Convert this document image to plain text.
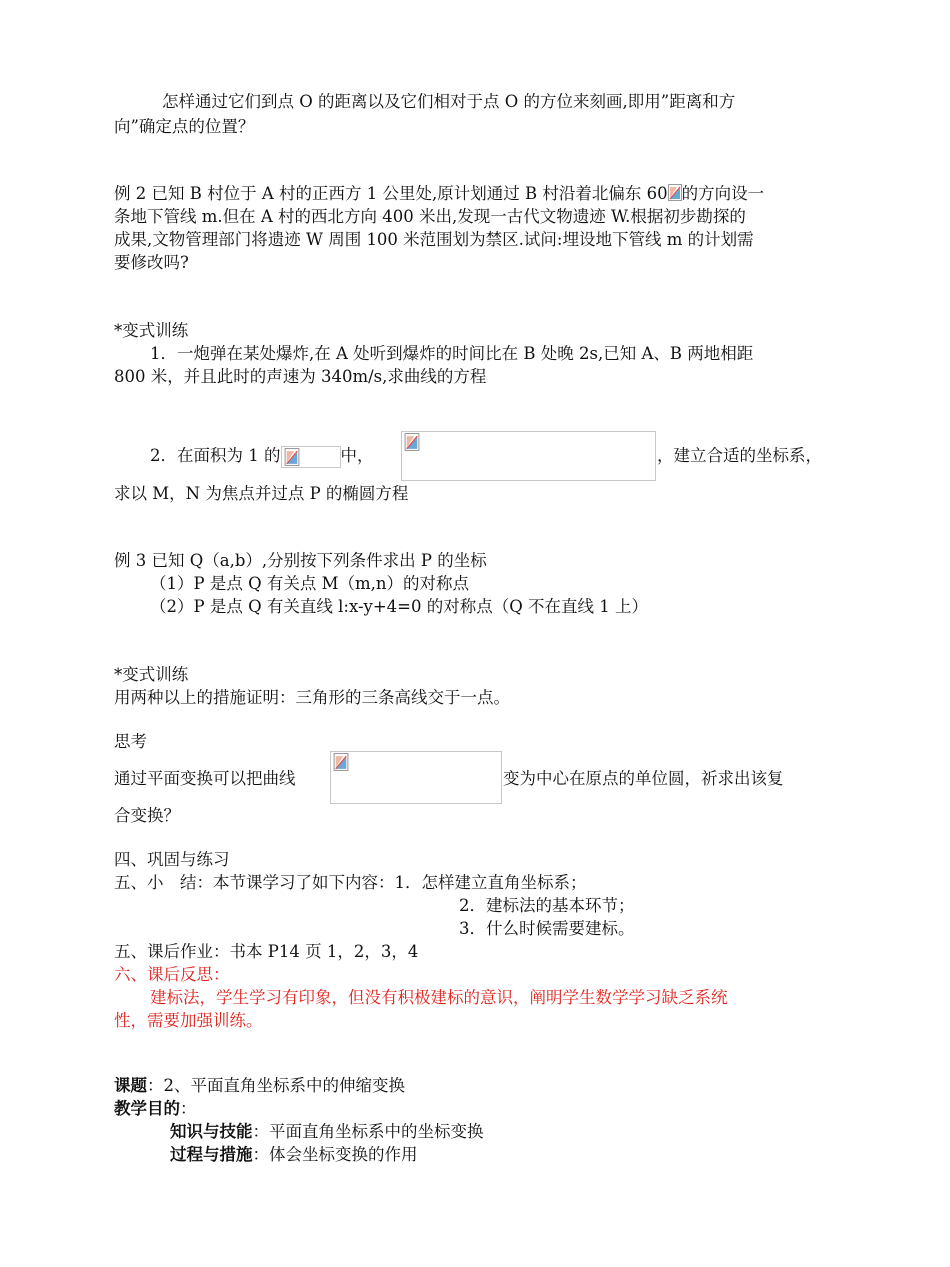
怎样通过它们到点 O 的距离以及它们相对于点 O 的方位来刻画,即用”距离和方
向”确定点的位置？
例 2 已知 B 村位于 A 村的正西方 1 公里处,原计划通过 B 村沿着北偏东 60 的方向设一
条地下管线 m.但在 A 村的西北方向 400 米出,发现一古代文物遗迹 W.根据初步勘探的
成果,文物管理部门将遗迹 W 周围 100 米范围划为禁区.试问:埋设地下管线 m 的计划需
要修改吗?
*变式训练
1．一炮弹在某处爆炸,在 A 处听到爆炸的时间比在 B 处晚 2s,已知 A、B 两地相距
800 米，并且此时的声速为 340m/s,求曲线的方程
2．在面积为 1 的	中，	，建立合适的坐标系，
求以 M，N 为焦点并过点 P 的椭圆方程
例 3 已知 Q（a,b）,分别按下列条件求出 P 的坐标
（1）P 是点 Q 有关点 M（m,n）的对称点
（2）P 是点 Q 有关直线 l:x-y+4=0 的对称点（Q 不在直线 1 上）
*变式训练
用两种以上的措施证明：三角形的三条高线交于一点。
思考
通过平面变换可以把曲线	变为中心在原点的单位圆，祈求出该复
合变换？
四、巩固与练习
五、小　结：本节课学习了如下内容：1．怎样建立直角坐标系；
2．建标法的基本环节；
3．什么时候需要建标。
五、课后作业：书本 P14 页 1，2，3，4
六、课后反思：
建标法，学生学习有印象，但没有积极建标的意识，阐明学生数学学习缺乏系统
性，需要加强训练。
课题：2、平面直角坐标系中的伸缩变换
教学目的：
知识与技能：平面直角坐标系中的坐标变换
过程与措施：体会坐标变换的作用
